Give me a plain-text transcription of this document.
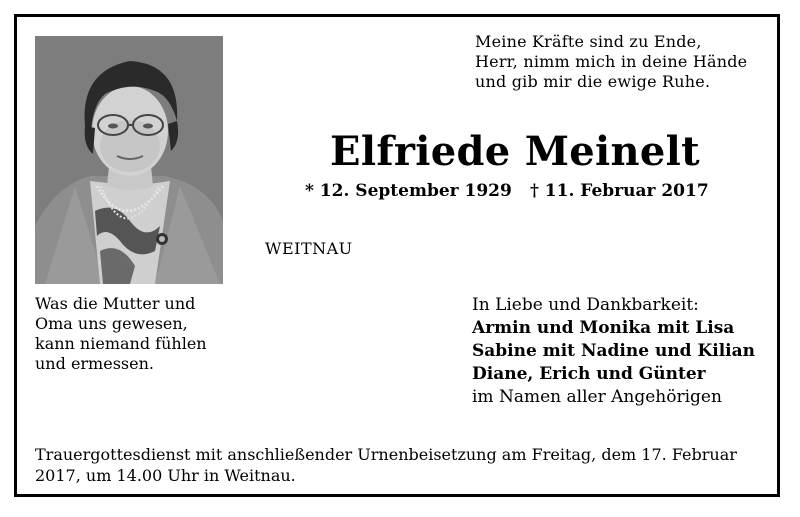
Meine Kräfte sind zu Ende,
Herr, nimm mich in deine Hände
und gib mir die ewige Ruhe.
Elfriede Meinelt
* 12. September 1929 † 11. Februar 2017
WEITNAU
Was die Mutter und
Oma uns gewesen,
kann niemand fühlen
und ermessen.
In Liebe und Dankbarkeit:
Armin und Monika mit Lisa
Sabine mit Nadine und Kilian
Diane, Erich und Günter
im Namen aller Angehörigen
Trauergottesdienst mit anschließender Urnenbeisetzung am Freitag, dem 17. Februar
2017, um 14.00 Uhr in Weitnau.
